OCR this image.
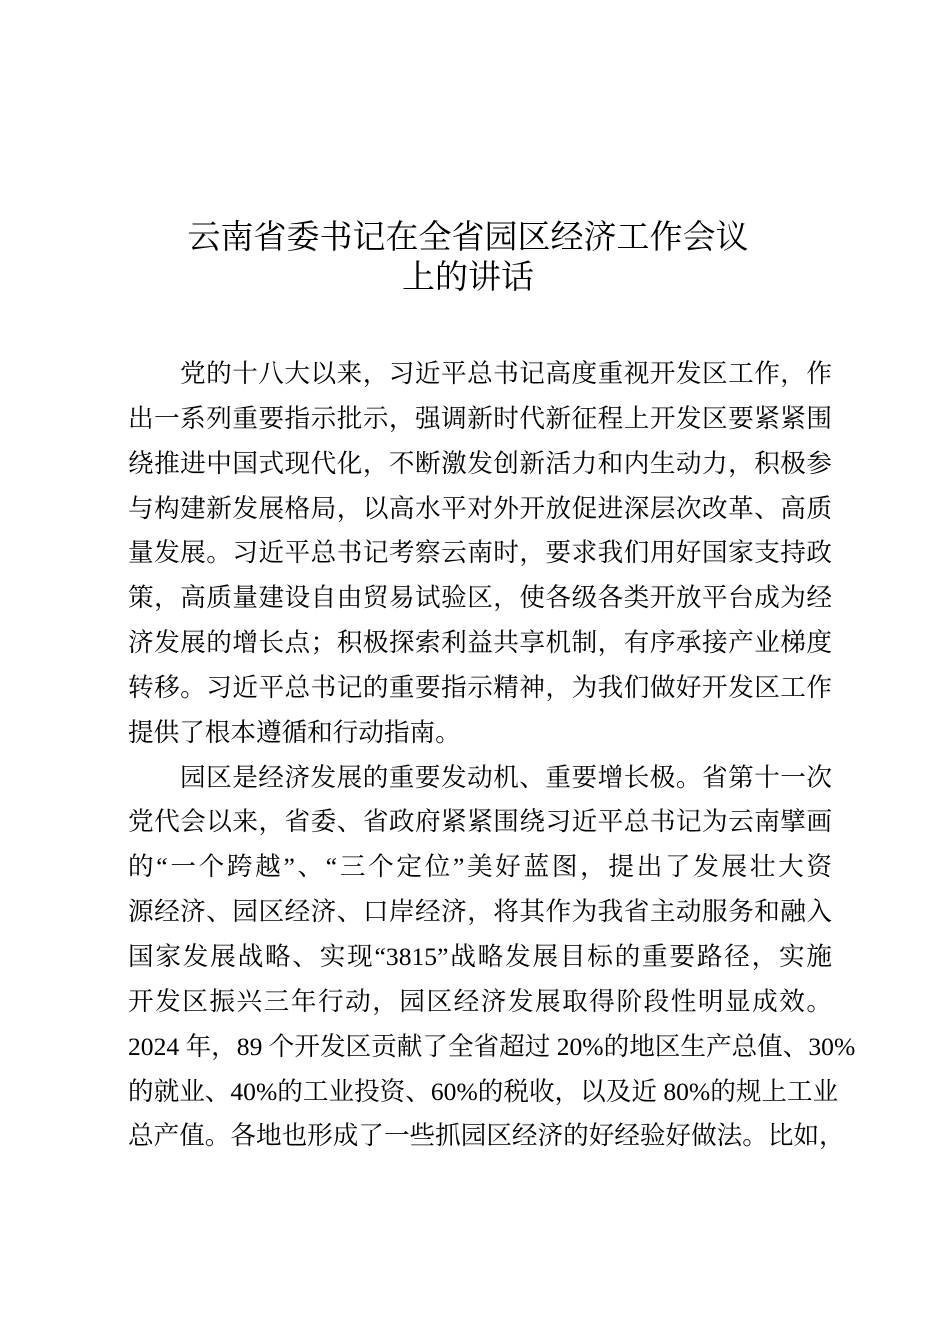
云南省委书记在全省园区经济工作会议
上的讲话
党的十八大以来，习近平总书记高度重视开发区工作，作
出一系列重要指示批示，强调新时代新征程上开发区要紧紧围
绕推进中国式现代化，不断激发创新活力和内生动力，积极参
与构建新发展格局，以高水平对外开放促进深层次改革、高质
量发展。习近平总书记考察云南时，要求我们用好国家支持政
策，高质量建设自由贸易试验区，使各级各类开放平台成为经
济发展的增长点；积极探索利益共享机制，有序承接产业梯度
转移。习近平总书记的重要指示精神，为我们做好开发区工作
提供了根本遵循和行动指南。
园区是经济发展的重要发动机、重要增长极。省第十一次
党代会以来，省委、省政府紧紧围绕习近平总书记为云南擘画
的“一个跨越”、“三个定位”美好蓝图，提出了发展壮大资
源经济、园区经济、口岸经济，将其作为我省主动服务和融入
国家发展战略、实现“3815”战略发展目标的重要路径，实施
开发区振兴三年行动，园区经济发展取得阶段性明显成效。
2024 年，89 个开发区贡献了全省超过 20%的地区生产总值、30%
的就业、40%的工业投资、60%的税收，以及近 80%的规上工业
总产值。各地也形成了一些抓园区经济的好经验好做法。比如，
